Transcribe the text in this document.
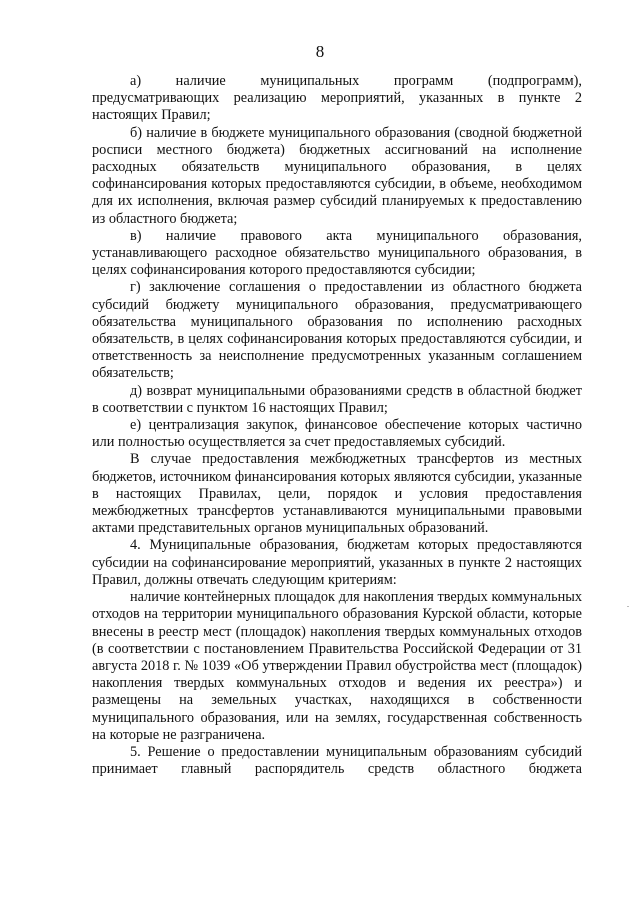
8

а) наличие муниципальных программ (подпрограмм), предусматривающих реализацию мероприятий, указанных в пункте 2 настоящих Правил;

б) наличие в бюджете муниципального образования (сводной бюджетной росписи местного бюджета) бюджетных ассигнований на исполнение расходных обязательств муниципального образования, в целях софинансирования которых предоставляются субсидии, в объеме, необходимом для их исполнения, включая размер субсидий планируемых к предоставлению из областного бюджета;

в) наличие правового акта муниципального образования, устанавливающего расходное обязательство муниципального образования, в целях софинансирования которого предоставляются субсидии;

г) заключение соглашения о предоставлении из областного бюджета субсидий бюджету муниципального образования, предусматривающего обязательства муниципального образования по исполнению расходных обязательств, в целях софинансирования которых предоставляются субсидии, и ответственность за неисполнение предусмотренных указанным соглашением обязательств;

д) возврат муниципальными образованиями средств в областной бюджет в соответствии с пунктом 16 настоящих Правил;

е) централизация закупок, финансовое обеспечение которых частично или полностью осуществляется за счет предоставляемых субсидий.

В случае предоставления межбюджетных трансфертов из местных бюджетов, источником финансирования которых являются субсидии, указанные в настоящих Правилах, цели, порядок и условия предоставления межбюджетных трансфертов устанавливаются муниципальными правовыми актами представительных органов муниципальных образований.

4. Муниципальные образования, бюджетам которых предоставляются субсидии на софинансирование мероприятий, указанных в пункте 2 настоящих Правил, должны отвечать следующим критериям:

наличие контейнерных площадок для накопления твердых коммунальных отходов на территории муниципального образования Курской области, которые внесены в реестр мест (площадок) накопления твердых коммунальных отходов (в соответствии с постановлением Правительства Российской Федерации от 31 августа 2018 г. № 1039 «Об утверждении Правил обустройства мест (площадок) накопления твердых коммунальных отходов и ведения их реестра») и размещены на земельных участках, находящихся в собственности муниципального образования, или на землях, государственная собственность на которые не разграничена.

5. Решение о предоставлении муниципальным образованиям субсидий принимает главный распорядитель средств областного бюджета
